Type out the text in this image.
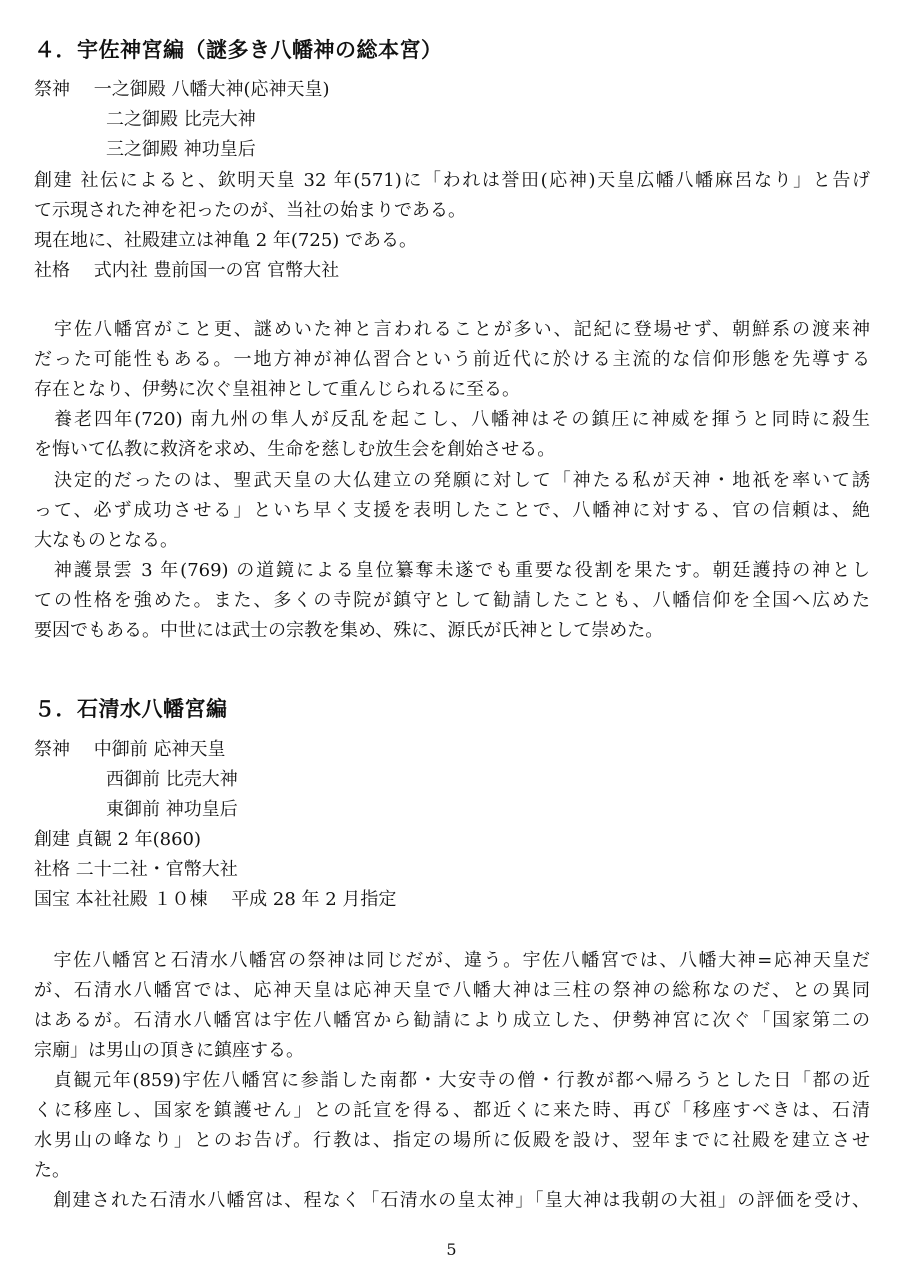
４．宇佐神宮編（謎多き八幡神の総本宮）

祭神　 一之御殿 八幡大神(応神天皇)

　　　　二之御殿 比売大神

　　　　三之御殿 神功皇后

創建 社伝によると、欽明天皇 32 年(571)に「われは誉田(応神)天皇広幡八幡麻呂なり」と告げ

て示現された神を祀ったのが、当社の始まりである。

現在地に、社殿建立は神亀 2 年(725) である。

社格　 式内社 豊前国一の宮 官幣大社

　宇佐八幡宮がこと更、謎めいた神と言われることが多い、記紀に登場せず、朝鮮系の渡来神

だった可能性もある。一地方神が神仏習合という前近代に於ける主流的な信仰形態を先導する

存在となり、伊勢に次ぐ皇祖神として重んじられるに至る。

　養老四年(720) 南九州の隼人が反乱を起こし、八幡神はその鎮圧に神威を揮うと同時に殺生

を悔いて仏教に救済を求め、生命を慈しむ放生会を創始させる。

　決定的だったのは、聖武天皇の大仏建立の発願に対して「神たる私が天神・地祇を率いて誘

って、必ず成功させる」といち早く支援を表明したことで、八幡神に対する、官の信頼は、絶

大なものとなる。

　神護景雲 3 年(769) の道鏡による皇位纂奪未遂でも重要な役割を果たす。朝廷護持の神とし

ての性格を強めた。また、多くの寺院が鎮守として勧請したことも、八幡信仰を全国へ広めた

要因でもある。中世には武士の宗教を集め、殊に、源氏が氏神として崇めた。

５．石清水八幡宮編

祭神　 中御前 応神天皇

　　　　西御前 比売大神

　　　　東御前 神功皇后

創建 貞観 2 年(860)

社格 二十二社・官幣大社

国宝 本社社殿 １０棟　 平成 28 年 2 月指定

　宇佐八幡宮と石清水八幡宮の祭神は同じだが、違う。宇佐八幡宮では、八幡大神=応神天皇だ

が、石清水八幡宮では、応神天皇は応神天皇で八幡大神は三柱の祭神の総称なのだ、との異同

はあるが。石清水八幡宮は宇佐八幡宮から勧請により成立した、伊勢神宮に次ぐ「国家第二の

宗廟」は男山の頂きに鎮座する。

　貞観元年(859)宇佐八幡宮に参詣した南都・大安寺の僧・行教が都へ帰ろうとした日「都の近

くに移座し、国家を鎮護せん」との託宣を得る、都近くに来た時、再び「移座すべきは、石清

水男山の峰なり」とのお告げ。行教は、指定の場所に仮殿を設け、翌年までに社殿を建立させ

た。

　創建された石清水八幡宮は、程なく「石清水の皇太神」「皇大神は我朝の大祖」の評価を受け、

5
